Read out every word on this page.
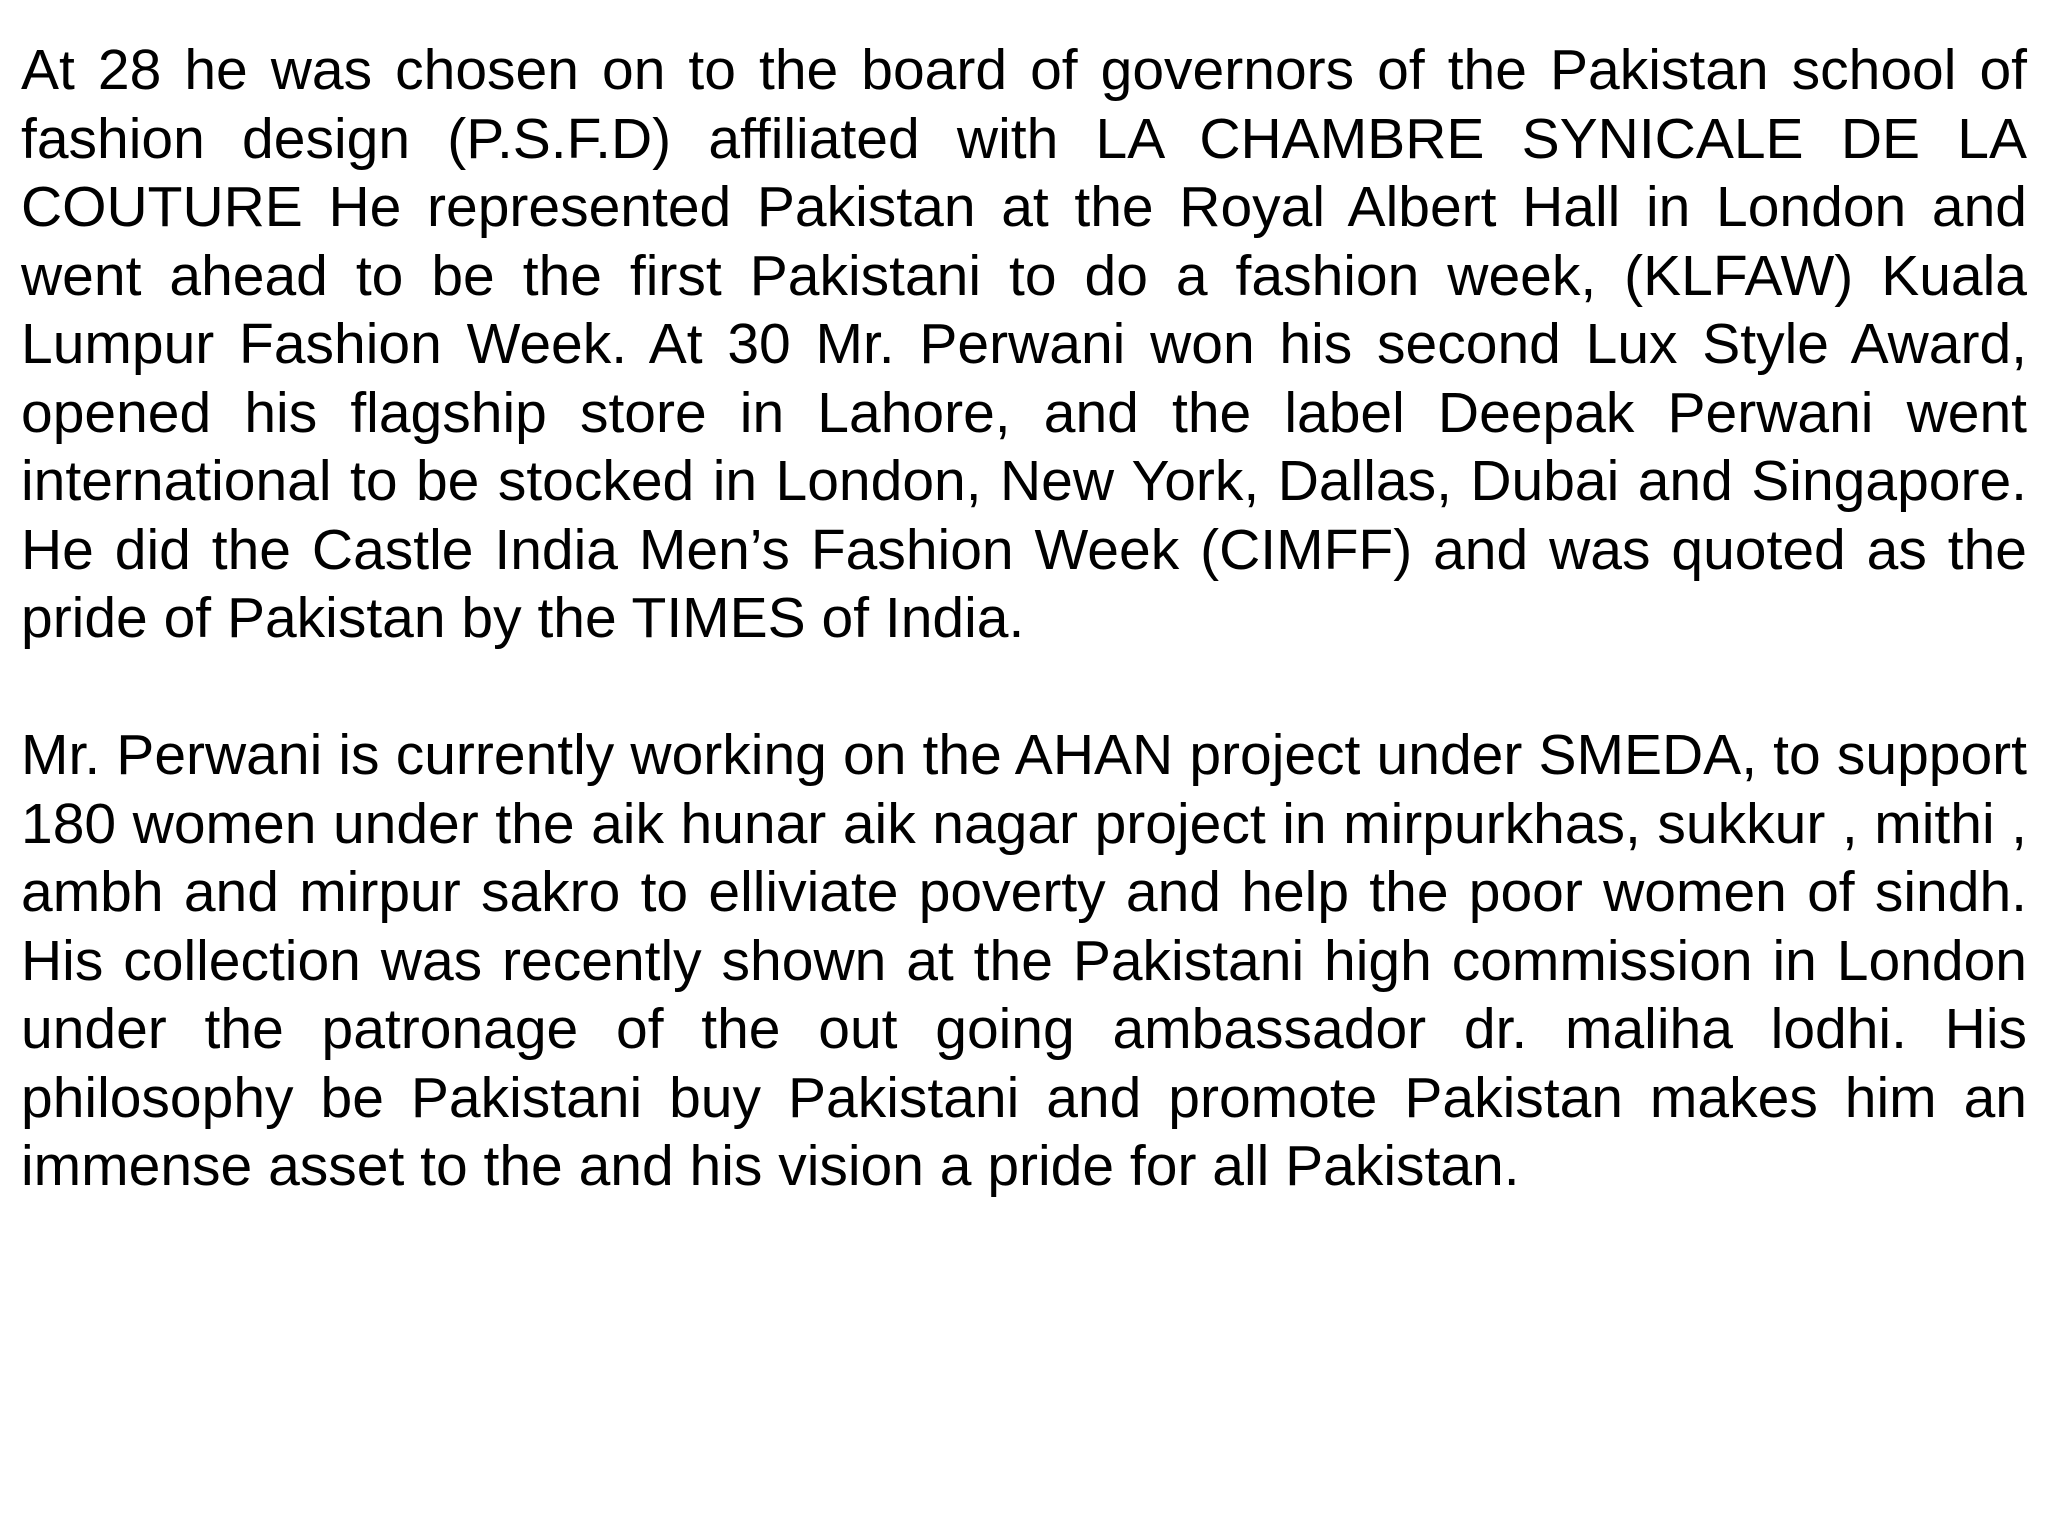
At 28 he was chosen on to the board of governors of the Pakistan school of fashion design (P.S.F.D) affiliated with LA CHAMBRE SYNICALE DE LA COUTURE He represented Pakistan at the Royal Albert Hall in London and went ahead to be the first Pakistani to do a fashion week, (KLFAW) Kuala Lumpur Fashion Week. At 30 Mr. Perwani won his second Lux Style Award, opened his flagship store in Lahore, and the label Deepak Perwani went international to be stocked in London, New York, Dallas, Dubai and Singapore. He did the Castle India Men’s Fashion Week (CIMFF) and was quoted as the pride of Pakistan by the TIMES of India.

Mr. Perwani is currently working on the AHAN project under SMEDA, to support 180 women under the aik hunar aik nagar project in mirpurkhas, sukkur , mithi , ambh and mirpur sakro to elliviate poverty and help the poor women of sindh. His collection was recently shown at the Pakistani high commission in London under the patronage of the out going ambassador dr. maliha lodhi. His philosophy be Pakistani buy Pakistani and promote Pakistan makes him an immense asset to the and his vision a pride for all Pakistan.
